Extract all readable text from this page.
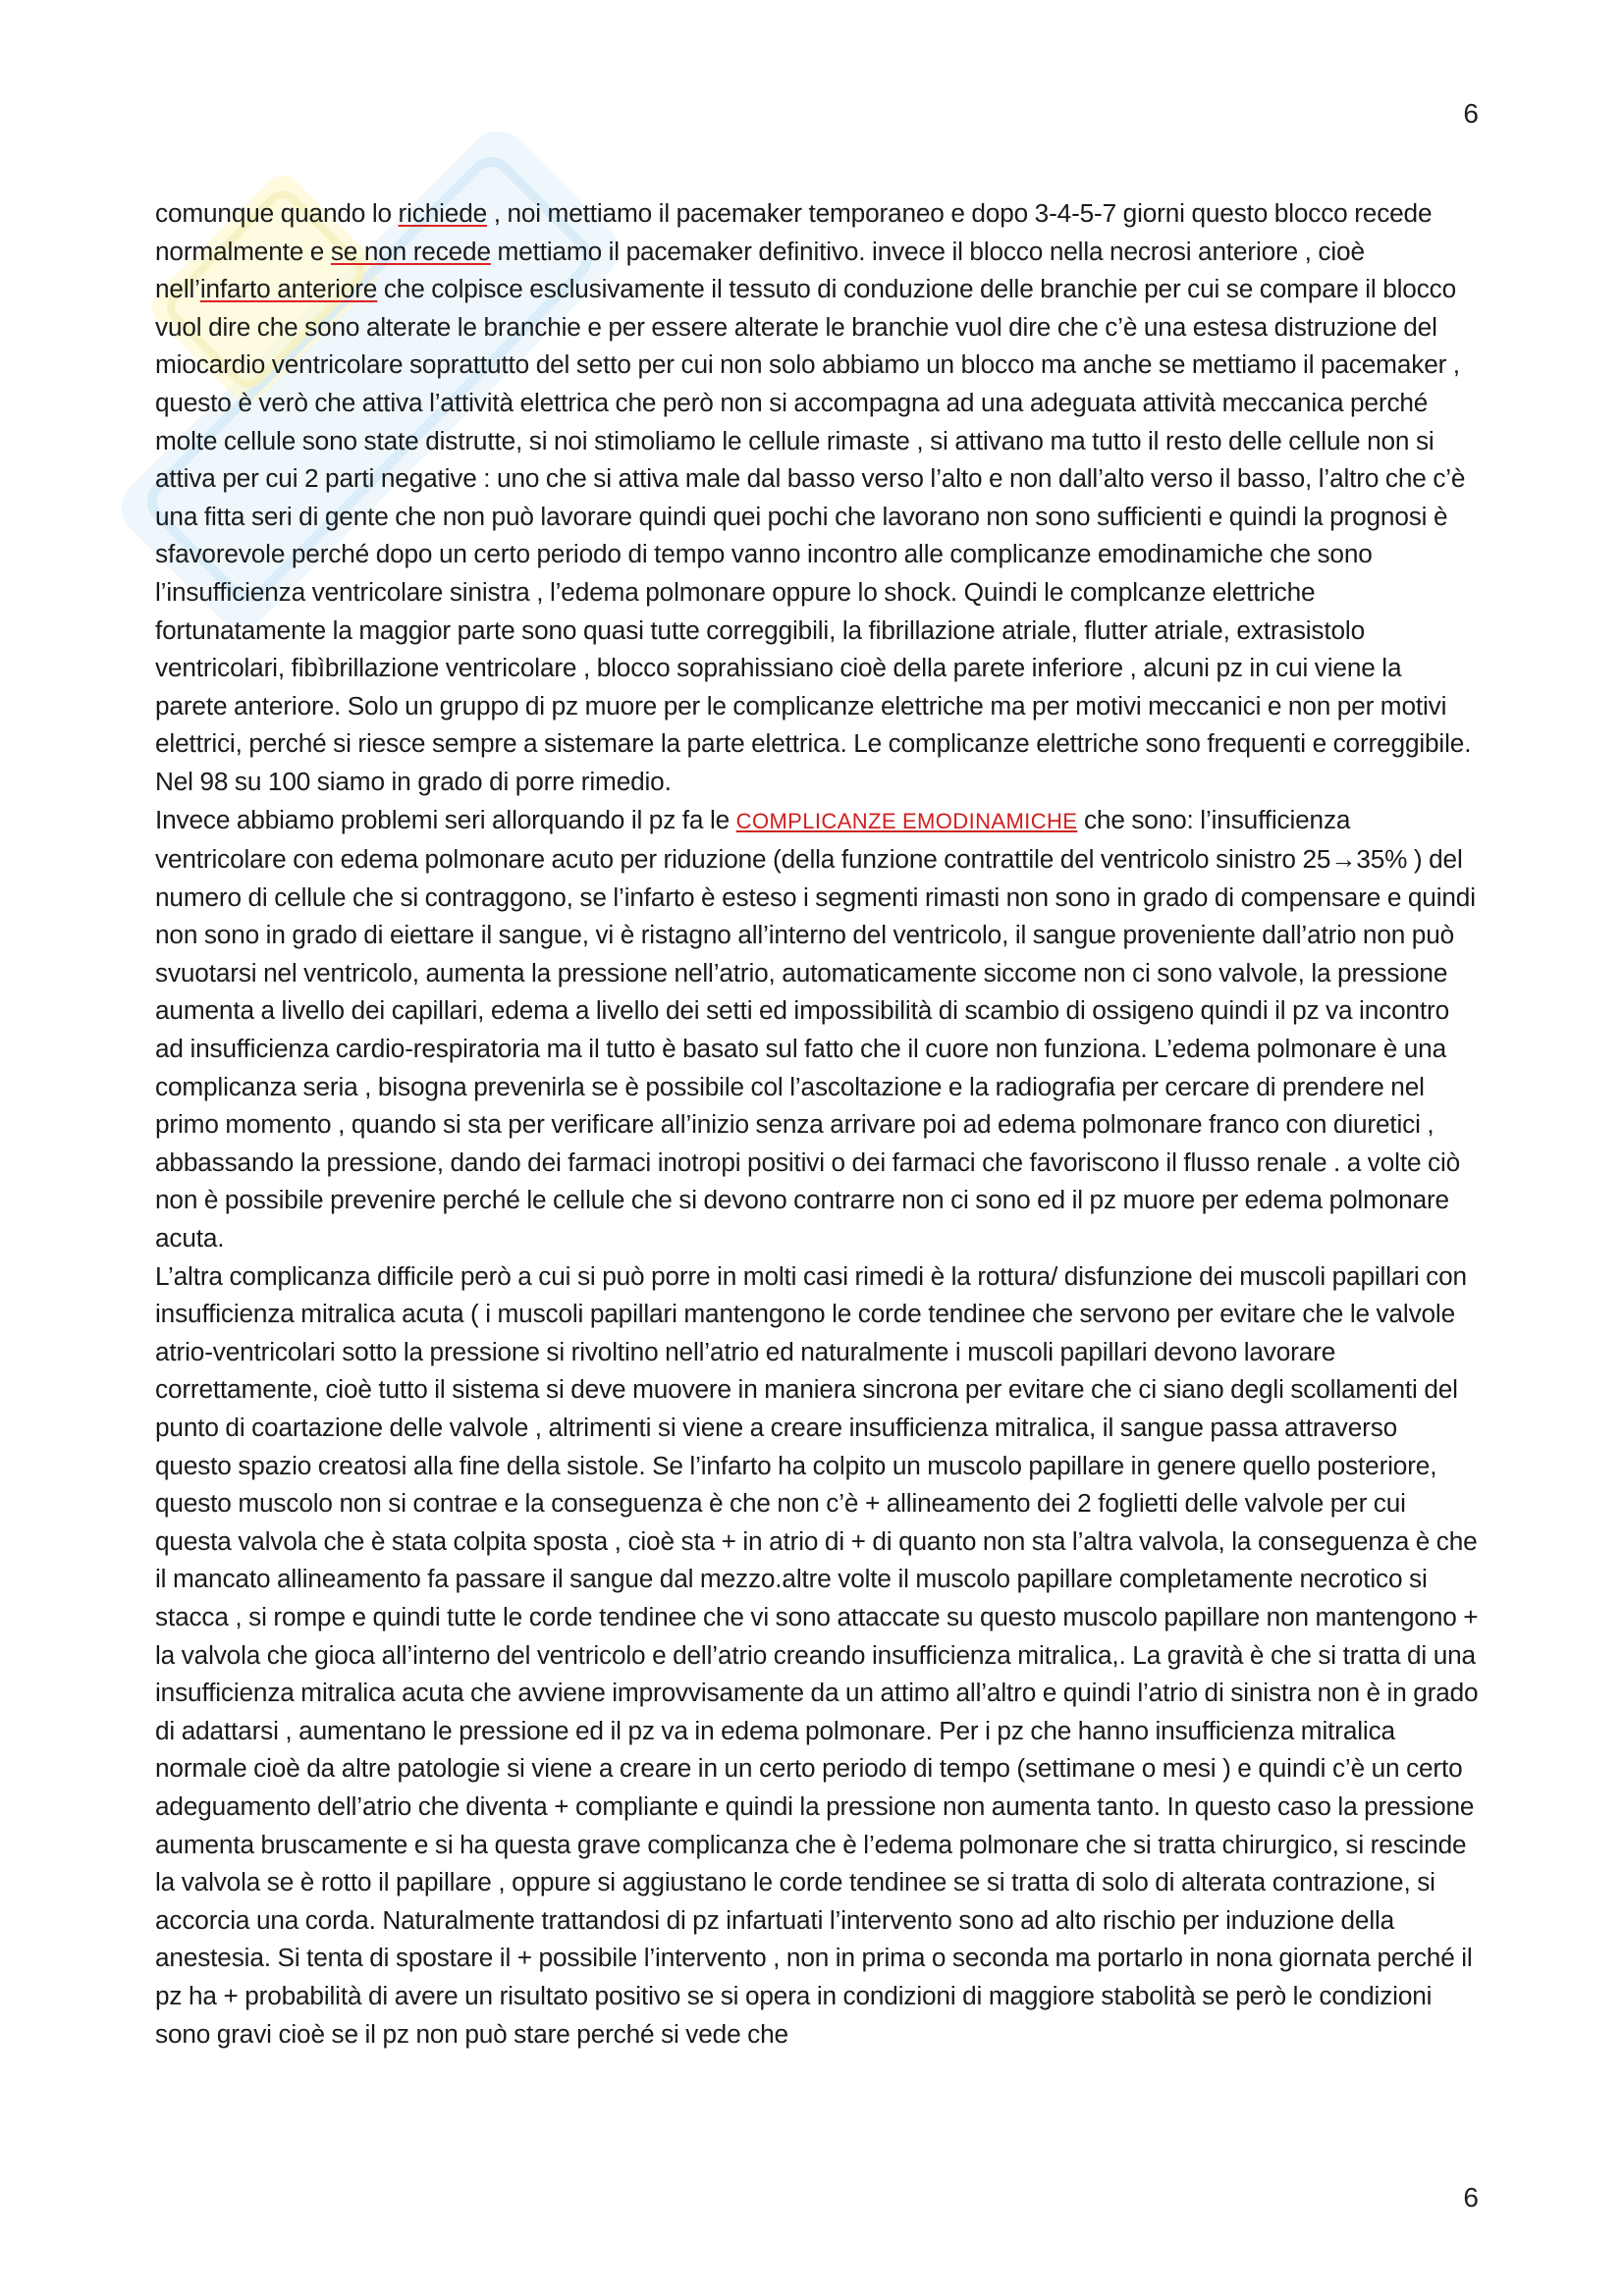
6

comunque quando lo richiede , noi mettiamo il pacemaker temporaneo e dopo 3-4-5-7 giorni questo blocco recede normalmente e se non recede mettiamo il pacemaker definitivo. invece il blocco nella necrosi anteriore , cioè nell’infarto anteriore che colpisce esclusivamente il tessuto di conduzione delle branchie per cui se compare il blocco vuol dire che sono alterate le branchie e per essere alterate le branchie vuol dire che c’è una estesa distruzione del miocardio ventricolare soprattutto del setto per cui non solo abbiamo un blocco ma anche se mettiamo il pacemaker , questo è verò che attiva l’attività elettrica che però non si accompagna ad una adeguata attività meccanica perché molte cellule sono state distrutte, si noi stimoliamo le cellule rimaste , si attivano ma tutto il resto delle cellule non si attiva per cui 2 parti negative : uno che si attiva male dal basso verso l’alto e non dall’alto verso il basso, l’altro che c’è una fitta seri di gente che non può lavorare quindi quei pochi che lavorano non sono sufficienti e quindi la prognosi è sfavorevole perché dopo un certo periodo di tempo vanno incontro alle complicanze emodinamiche che sono l’insufficienza ventricolare sinistra , l’edema polmonare oppure lo shock. Quindi le complcanze elettriche fortunatamente la maggior parte sono quasi tutte correggibili, la fibrillazione atriale, flutter atriale, extrasistolo ventricolari, fibìbrillazione ventricolare , blocco soprahissiano cioè della parete inferiore , alcuni pz in cui viene la parete anteriore. Solo un gruppo di pz muore per le complicanze elettriche ma per motivi meccanici e non per motivi elettrici, perché si riesce sempre a sistemare la parte elettrica. Le complicanze elettriche sono frequenti e correggibile. Nel 98 su 100 siamo in grado di porre rimedio.

Invece abbiamo problemi seri allorquando il pz fa le COMPLICANZE EMODINAMICHE che sono: l’insufficienza ventricolare con edema polmonare acuto per riduzione (della funzione contrattile del ventricolo sinistro 25→35% ) del numero di cellule che si contraggono, se l’infarto è esteso i segmenti rimasti non sono in grado di compensare e quindi non sono in grado di eiettare il sangue, vi è ristagno all’interno del ventricolo, il sangue proveniente dall’atrio non può svuotarsi nel ventricolo, aumenta la pressione nell’atrio, automaticamente siccome non ci sono valvole, la pressione aumenta a livello dei capillari, edema a livello dei setti ed impossibilità di scambio di ossigeno quindi il pz va incontro ad insufficienza cardio-respiratoria ma il tutto è basato sul fatto che il cuore non funziona. L’edema polmonare è una complicanza seria , bisogna prevenirla se è possibile col l’ascoltazione e la radiografia per cercare di prendere nel primo momento , quando si sta per verificare all’inizio senza arrivare poi ad edema polmonare franco con diuretici , abbassando la pressione, dando dei farmaci inotropi positivi o dei farmaci che favoriscono il flusso renale . a volte ciò non è possibile prevenire perché le cellule che si devono contrarre non ci sono ed il pz muore per edema polmonare acuta.

L’altra complicanza difficile però a cui si può porre in molti casi rimedi è la rottura/ disfunzione dei muscoli papillari con insufficienza mitralica acuta ( i muscoli papillari mantengono le corde tendinee che servono per evitare che le valvole atrio-ventricolari sotto la pressione si rivoltino nell’atrio ed naturalmente i muscoli papillari devono lavorare correttamente, cioè tutto il sistema si deve muovere in maniera sincrona per evitare che ci siano degli scollamenti del punto di coartazione delle valvole , altrimenti si viene a creare insufficienza mitralica, il sangue passa attraverso questo spazio creatosi alla fine della sistole. Se l’infarto ha colpito un muscolo papillare in genere quello posteriore, questo muscolo non si contrae e la conseguenza è che non c’è + allineamento dei 2 foglietti delle valvole per cui questa valvola che è stata colpita sposta , cioè sta + in atrio di + di quanto non sta l’altra valvola, la conseguenza è che il mancato allineamento fa passare il sangue dal mezzo.altre volte il muscolo papillare completamente necrotico si stacca , si rompe e quindi tutte le corde tendinee che vi sono attaccate su questo muscolo papillare non mantengono + la valvola che gioca all’interno del ventricolo e dell’atrio creando insufficienza mitralica,. La gravità è che si tratta di una insufficienza mitralica acuta che avviene improvvisamente da un attimo all’altro e quindi l’atrio di sinistra non è in grado di adattarsi , aumentano le pressione ed il pz va in edema polmonare. Per i pz che hanno insufficienza mitralica normale cioè da altre patologie si viene a creare in un certo periodo di tempo (settimane o mesi ) e quindi c’è un certo adeguamento dell’atrio che diventa + compliante e quindi la pressione non aumenta tanto. In questo caso la pressione aumenta bruscamente e si ha questa grave complicanza che è l’edema polmonare che si tratta chirurgico, si rescinde la valvola se è rotto il papillare , oppure si aggiustano le corde tendinee se si tratta di solo di alterata contrazione, si accorcia una corda. Naturalmente trattandosi di pz infartuati l’intervento sono ad alto rischio per induzione della anestesia. Si tenta di spostare il + possibile l’intervento , non in prima o seconda ma portarlo in nona giornata perché il pz ha + probabilità di avere un risultato positivo se si opera in condizioni di maggiore stabolità se però le condizioni sono gravi cioè se il pz non può stare perché si vede che

6
